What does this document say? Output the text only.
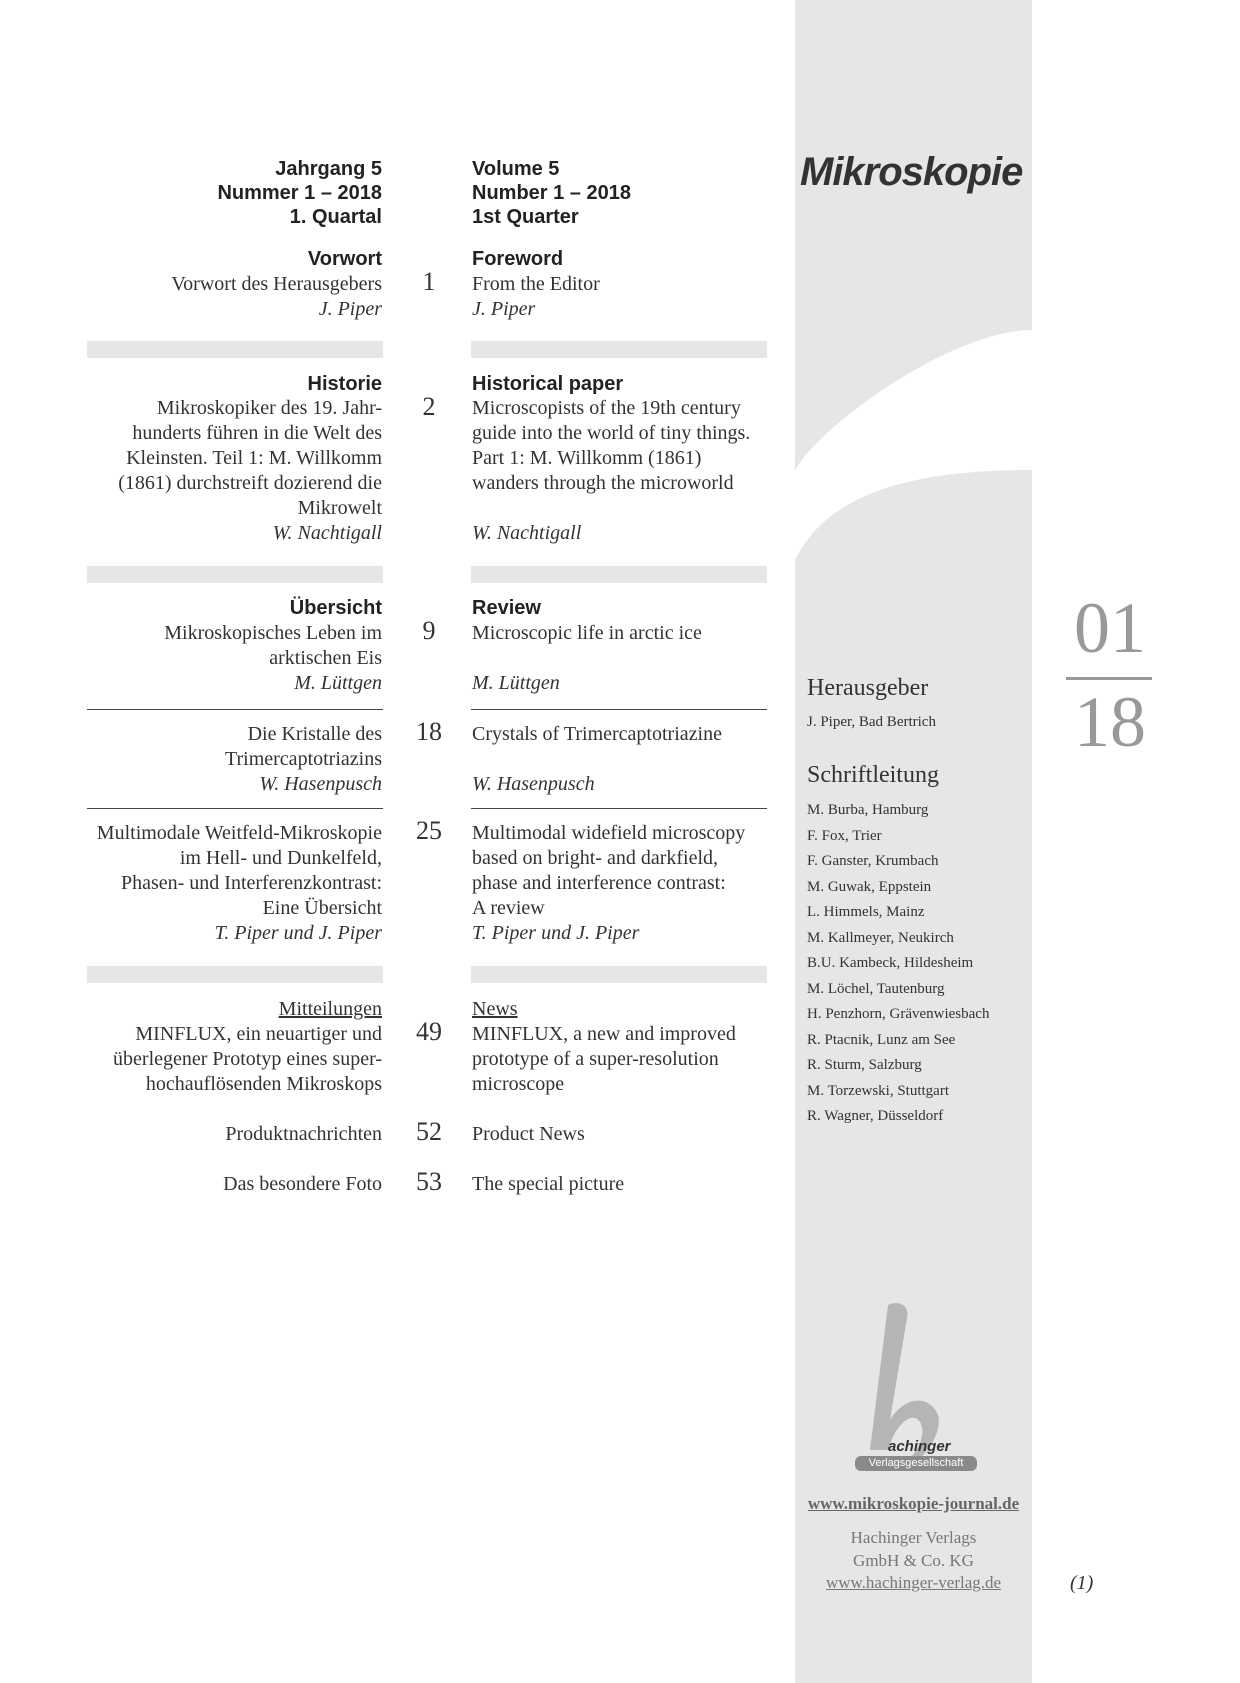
Mikroskopie
01
18
Herausgeber
J. Piper, Bad Bertrich
Schriftleitung
M. Burba, Hamburg
F. Fox, Trier
F. Ganster, Krumbach
M. Guwak, Eppstein
L. Himmels, Mainz
M. Kallmeyer, Neukirch
B.U. Kambeck, Hildesheim
M. Löchel, Tautenburg
H. Penzhorn, Grävenwiesbach
R. Ptacnik, Lunz am See
R. Sturm, Salzburg
M. Torzewski, Stuttgart
R. Wagner, Düsseldorf
achinger
Verlagsgesellschaft
www.mikroskopie-journal.de
Hachinger Verlags
GmbH & Co. KG
www.hachinger-verlag.de	(1)
Jahrgang 5
Nummer 1 – 2018
1. Quartal
Volume 5
Number 1 – 2018
1st Quarter
Vorwort	Foreword
Vorwort des Herausgebers	1	From the Editor
J. Piper	J. Piper
Historie	Historical paper
Mikroskopiker des 19. Jahr-
hunderts führen in die Welt des
Kleinsten. Teil 1: M. Willkomm
(1861) durchstreift dozierend die
Mikrowelt
2	Microscopists of the 19th century
guide into the world of tiny things.
Part 1: M. Willkomm (1861)
wanders through the microworld
W. Nachtigall	W. Nachtigall
Übersicht	Review
Mikroskopisches Leben im
arktischen Eis
9	Microscopic life in arctic ice
M. Lüttgen	M. Lüttgen
Die Kristalle des
Trimercaptotriazins
18	Crystals of Trimercaptotriazine
W. Hasenpusch	W. Hasenpusch
Multimodale Weitfeld-Mikroskopie
im Hell- und Dunkelfeld,
Phasen- und Interferenzkontrast:
Eine Übersicht
25	Multimodal widefield microscopy
based on bright- and darkfield,
phase and interference contrast:
A review
T. Piper und J. Piper	T. Piper und J. Piper
Mitteilungen	News
MINFLUX, ein neuartiger und
überlegener Prototyp eines super-
hochauflösenden Mikroskops
49	MINFLUX, a new and improved
prototype of a super-resolution
microscope
Produktnachrichten	52	Product News
Das besondere Foto	53	The special picture
